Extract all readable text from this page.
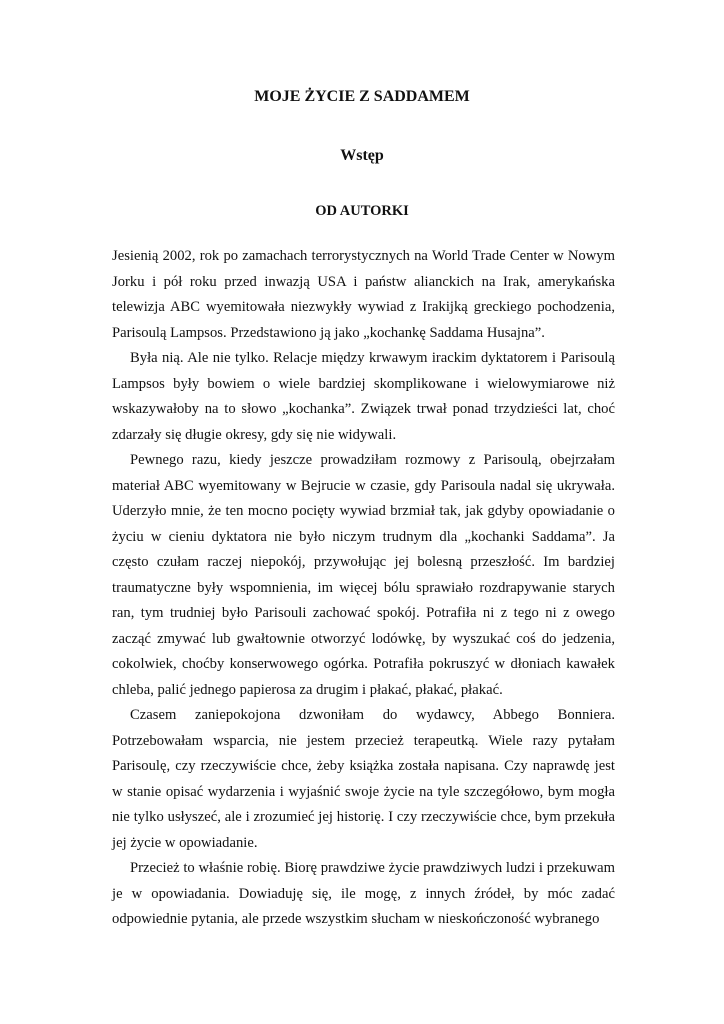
MOJE ŻYCIE Z SADDAMEM
Wstęp
OD AUTORKI

Jesienią 2002, rok po zamachach terrorystycznych na World Trade Center w Nowym Jorku i pół roku przed inwazją USA i państw alianckich na Irak, amerykańska telewizja ABC wyemitowała niezwykły wywiad z Irakijką greckiego pochodzenia, Parisoulą Lampsos. Przedstawiono ją jako „kochankę Saddama Husajna”.

Była nią. Ale nie tylko. Relacje między krwawym irackim dyktatorem i Parisoulą Lampsos były bowiem o wiele bardziej skomplikowane i wielowymiarowe niż wskazywałoby na to słowo „kochanka”. Związek trwał ponad trzydzieści lat, choć zdarzały się długie okresy, gdy się nie widywali.

Pewnego razu, kiedy jeszcze prowadziłam rozmowy z Parisoulą, obejrzałam materiał ABC wyemitowany w Bejrucie w czasie, gdy Parisoula nadal się ukrywała. Uderzyło mnie, że ten mocno pocięty wywiad brzmiał tak, jak gdyby opowiadanie o życiu w cieniu dyktatora nie było niczym trudnym dla „kochanki Saddama”. Ja często czułam raczej niepokój, przywołując jej bolesną przeszłość. Im bardziej traumatyczne były wspomnienia, im więcej bólu sprawiało rozdrapywanie starych ran, tym trudniej było Parisouli zachować spokój. Potrafiła ni z tego ni z owego zacząć zmywać lub gwałtownie otworzyć lodówkę, by wyszukać coś do jedzenia, cokolwiek, choćby konserwowego ogórka. Potrafiła pokruszyć w dłoniach kawałek chleba, palić jednego papierosa za drugim i płakać, płakać, płakać.

Czasem zaniepokojona dzwoniłam do wydawcy, Abbego Bonniera. Potrzebowałam wsparcia, nie jestem przecież terapeutką. Wiele razy pytałam Parisoulę, czy rzeczywiście chce, żeby książka została napisana. Czy naprawdę jest w stanie opisać wydarzenia i wyjaśnić swoje życie na tyle szczegółowo, bym mogła nie tylko usłyszeć, ale i zrozumieć jej historię. I czy rzeczywiście chce, bym przekuła jej życie w opowiadanie.

Przecież to właśnie robię. Biorę prawdziwe życie prawdziwych ludzi i przekuwam je w opowiadania. Dowiaduję się, ile mogę, z innych źródeł, by móc zadać odpowiednie pytania, ale przede wszystkim słucham w nieskończoność wybranego
